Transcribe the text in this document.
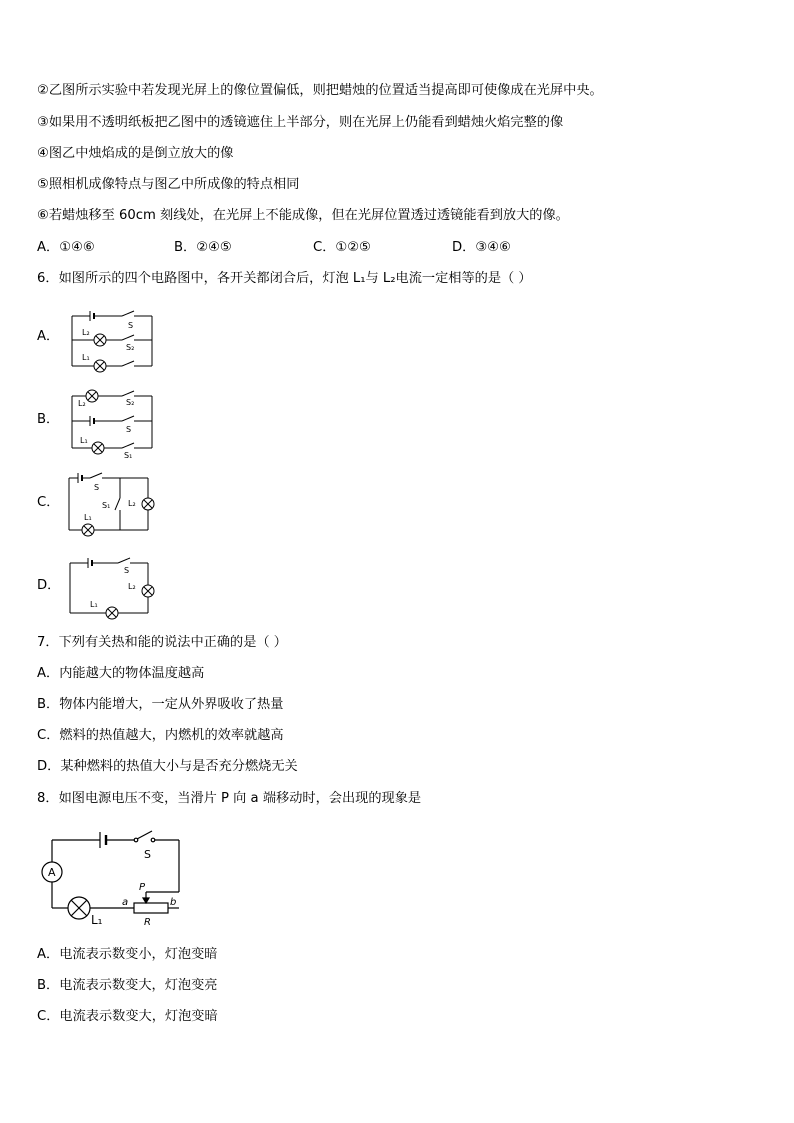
②乙图所示实验中若发现光屏上的像位置偏低，则把蜡烛的位置适当提高即可使像成在光屏中央。
③如果用不透明纸板把乙图中的透镜遮住上半部分，则在光屏上仍能看到蜡烛火焰完整的像
④图乙中烛焰成的是倒立放大的像
⑤照相机成像特点与图乙中所成像的特点相同
⑥若蜡烛移至 60cm 刻线处，在光屏上不能成像，但在光屏位置透过透镜能看到放大的像。
A．①④⑥	B．②④⑤	C．①②⑤	D．③④⑥
6．如图所示的四个电路图中，各开关都闭合后，灯泡 L₁与 L₂电流一定相等的是（ ）
A．
S
L₂
S₂
L₁
B．
L₂	S₂
S
L₁
S₁
C．
S
S₁ L₂
L₁
D．
S
L₂
L₁
7．下列有关热和能的说法中正确的是（ ）
A．内能越大的物体温度越高
B．物体内能增大，一定从外界吸收了热量
C．燃料的热值越大，内燃机的效率就越高
D．某种燃料的热值大小与是否充分燃烧无关
8．如图电源电压不变，当滑片 P 向 a 端移动时，会出现的现象是
A
S
L₁
a
P
b
R
A．电流表示数变小，灯泡变暗
B．电流表示数变大，灯泡变亮
C．电流表示数变大，灯泡变暗
